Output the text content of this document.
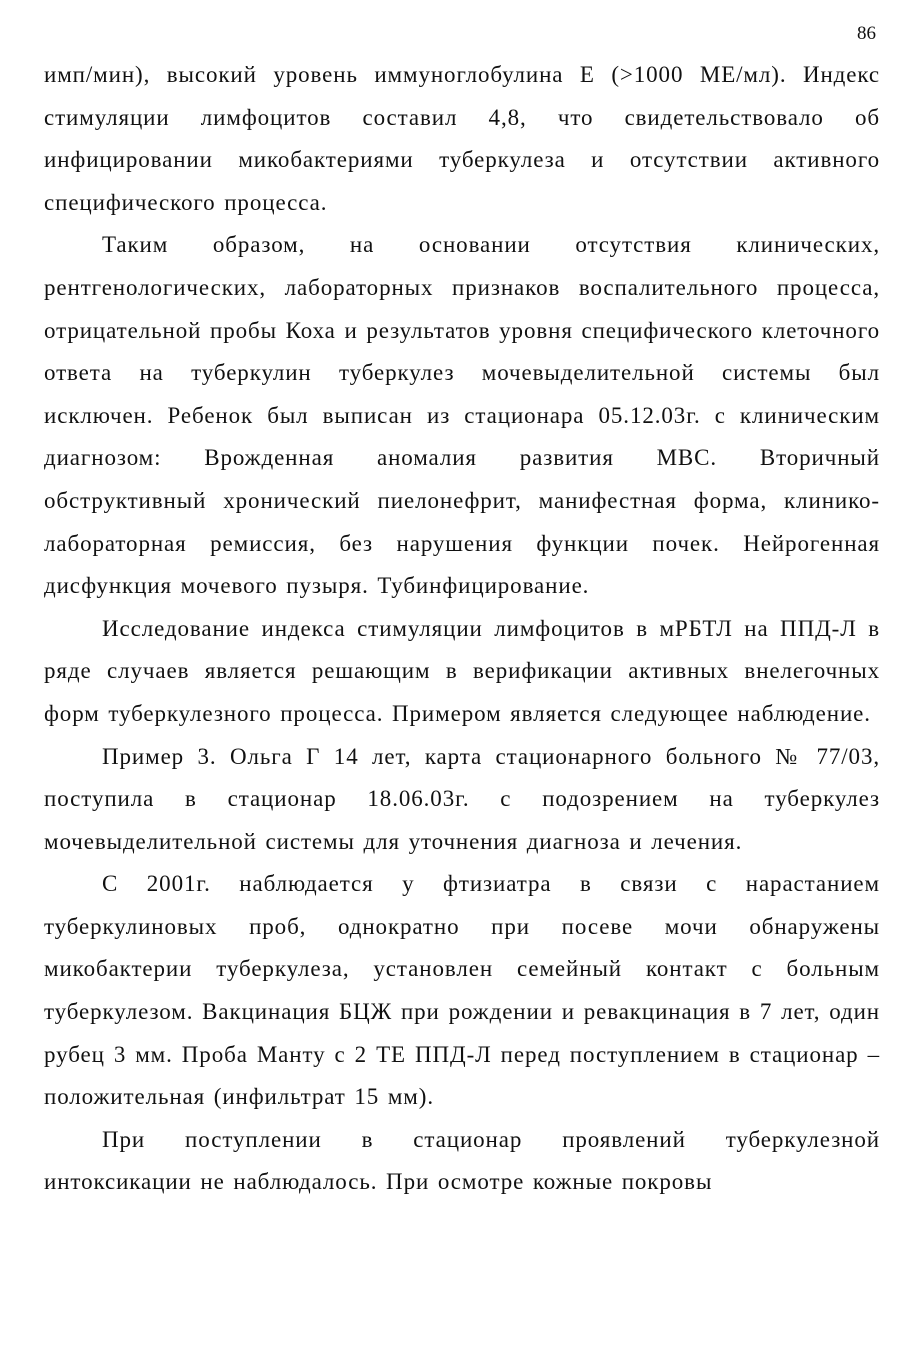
86

имп/мин), высокий уровень иммуноглобулина Е (>1000 МЕ/мл). Индекс стимуляции лимфоцитов составил 4,8, что свидетельствовало об инфицировании микобактериями туберкулеза и отсутствии активного специфического процесса.

Таким образом, на основании отсутствия клинических, рентгенологических, лабораторных признаков воспалительного процесса, отрицательной пробы Коха и результатов уровня специфического клеточного ответа на туберкулин туберкулез мочевыделительной системы был исключен. Ребенок был выписан из стационара 05.12.03г. с клиническим диагнозом: Врожденная аномалия развития МВС. Вторичный обструктивный хронический пиелонефрит, манифестная форма, клинико-лабораторная ремиссия, без нарушения функции почек. Нейрогенная дисфункция мочевого пузыря. Тубинфицирование.

Исследование индекса стимуляции лимфоцитов в мРБТЛ на ППД-Л в ряде случаев является решающим в верификации активных внелегочных форм туберкулезного процесса. Примером является следующее наблюдение.

Пример 3. Ольга Г 14 лет, карта стационарного больного № 77/03, поступила в стационар 18.06.03г. с подозрением на туберкулез мочевыделительной системы для уточнения диагноза и лечения.

С 2001г. наблюдается у фтизиатра в связи с нарастанием туберкулиновых проб, однократно при посеве мочи обнаружены микобактерии туберкулеза, установлен семейный контакт с больным туберкулезом. Вакцинация БЦЖ при рождении и ревакцинация в 7 лет, один рубец 3 мм. Проба Манту с 2 ТЕ ППД-Л перед поступлением в стационар – положительная (инфильтрат 15 мм).

При поступлении в стационар проявлений туберкулезной интоксикации не наблюдалось. При осмотре кожные покровы
